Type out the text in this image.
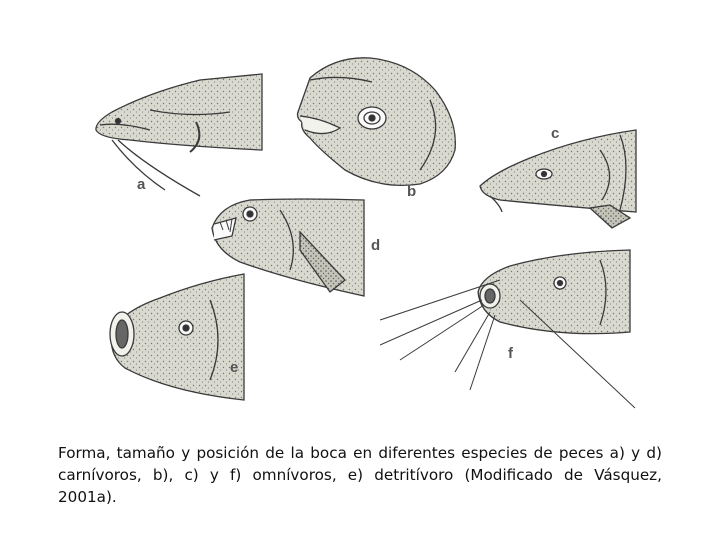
a	b
c
d
e
f
Forma, tamaño y posición de la boca en diferentes especies de peces a) y d) carnívoros, b), c) y f) omnívoros, e) detritívoro (Modificado de Vásquez, 2001a).
